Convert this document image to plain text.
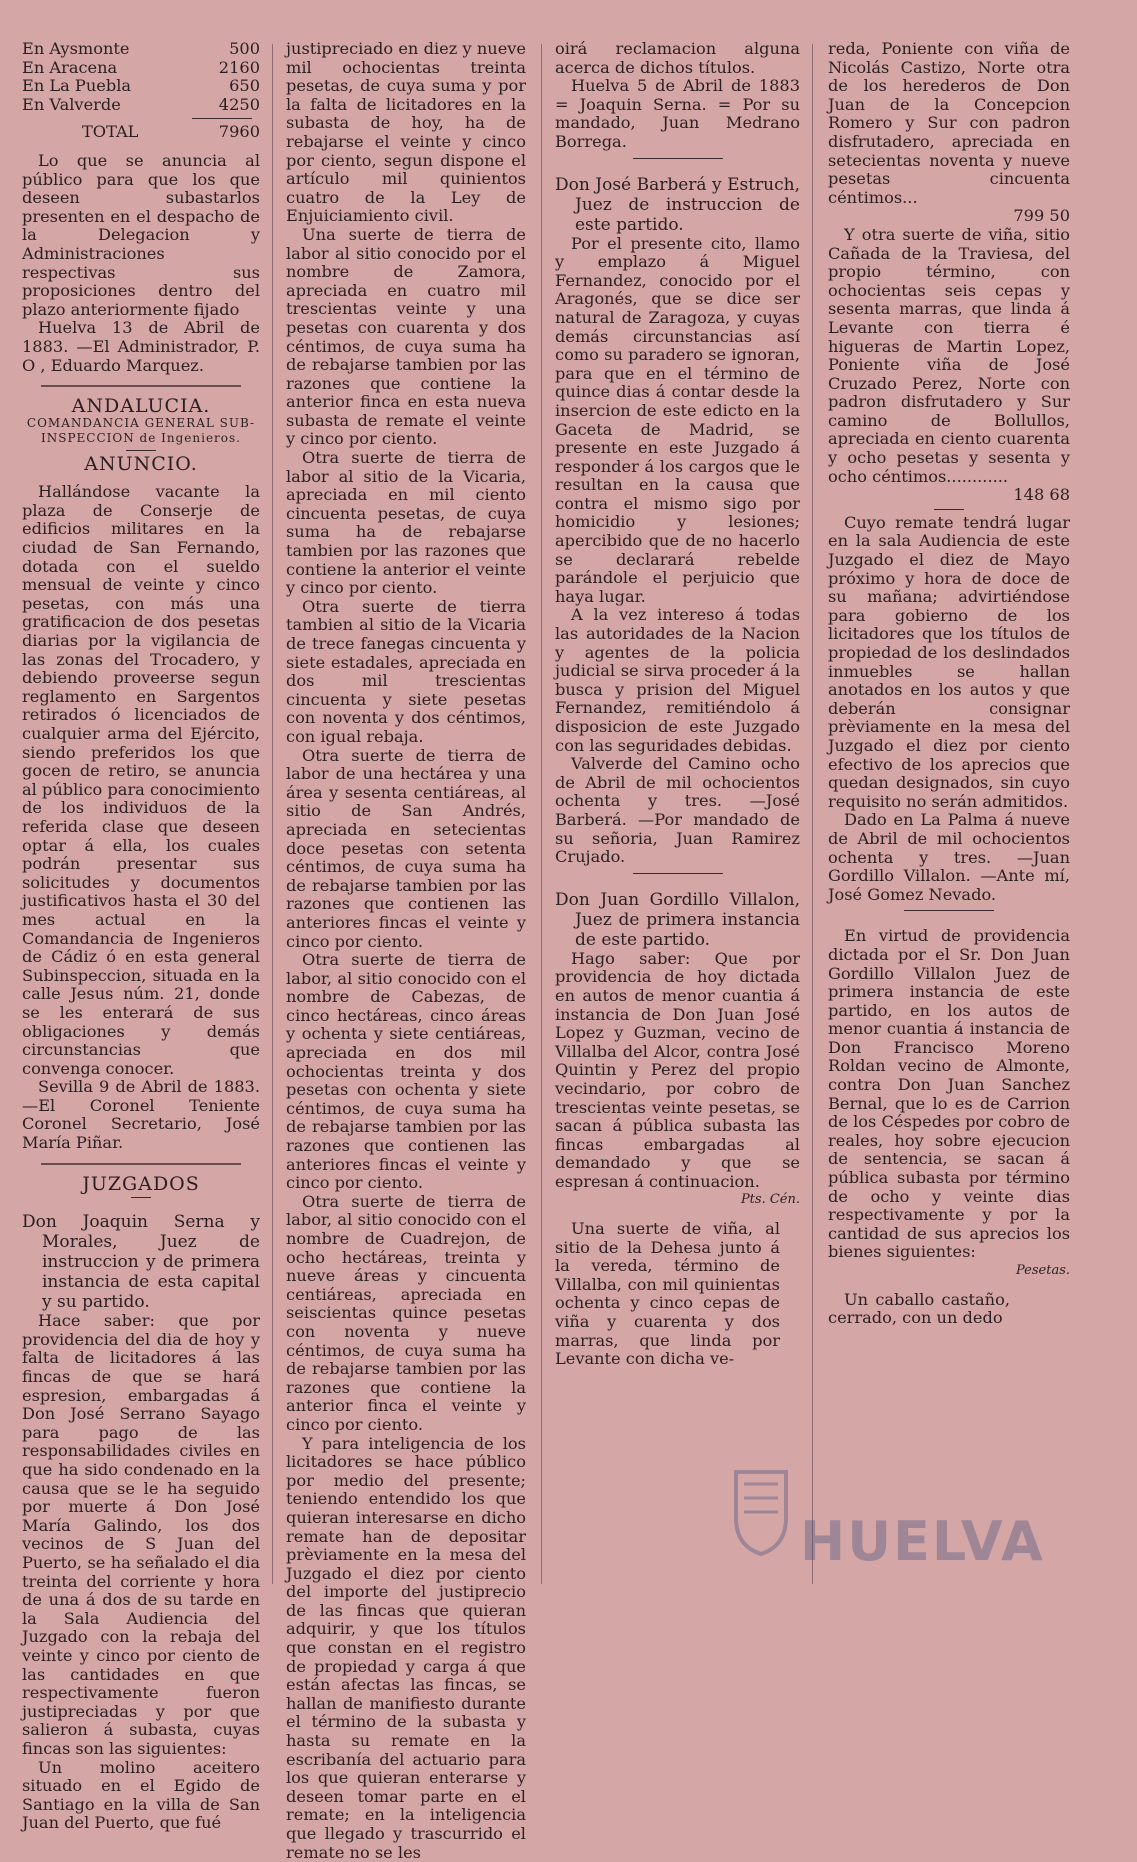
En Aysmonte	500
En Aracena	2160
En La Puebla	650
En Valverde	4250
TOTAL	7960

Lo que se anuncia al público para que los que deseen subastarlos presenten en el despacho de la Delegacion y Administraciones respectivas sus proposiciones dentro del plazo anteriormente fijado

Huelva 13 de Abril de 1883. —El Administrador, P. O , Eduardo Marquez.

ANDALUCIA.

COMANDANCIA GENERAL SUB-INSPECCION de Ingenieros.

ANUNCIO.

Hallándose vacante la plaza de Conserje de edificios militares en la ciudad de San Fernando, dotada con el sueldo mensual de veinte y cinco pesetas, con más una gratificacion de dos pesetas diarias por la vigilancia de las zonas del Trocadero, y debiendo proveerse segun reglamento en Sargentos retirados ó licenciados de cualquier arma del Ejército, siendo preferidos los que gocen de retiro, se anuncia al público para conocimiento de los individuos de la referida clase que deseen optar á ella, los cuales podrán presentar sus solicitudes y documentos justificativos hasta el 30 del mes actual en la Comandancia de Ingenieros de Cádiz ó en esta general Subinspeccion, situada en la calle Jesus núm. 21, donde se les enterará de sus obligaciones y demás circunstancias que convenga conocer.

Sevilla 9 de Abril de 1883. —El Coronel Teniente Coronel Secretario, José María Piñar.

JUZGADOS

Don Joaquin Serna y Morales, Juez de instruccion y de primera instancia de esta capital y su partido.

Hace saber: que por providencia del dia de hoy y falta de licitadores á las fincas de que se hará espresion, embargadas á Don José Serrano Sayago para pago de las responsabilidades civiles en que ha sido condenado en la causa que se le ha seguido por muerte á Don José María Galindo, los dos vecinos de S Juan del Puerto, se ha señalado el dia treinta del corriente y hora de una á dos de su tarde en la Sala Audiencia del Juzgado con la rebaja del veinte y cinco por ciento de las cantidades en que respectivamente fueron justipreciadas y por que salieron á subasta, cuyas fincas son las siguientes:

Un molino aceitero situado en el Egido de Santiago en la villa de San Juan del Puerto, que fué

justipreciado en diez y nueve mil ochocientas treinta pesetas, de cuya suma y por la falta de licitadores en la subasta de hoy, ha de rebajarse el veinte y cinco por ciento, segun dispone el artículo mil quinientos cuatro de la Ley de Enjuiciamiento civil.

Una suerte de tierra de labor al sitio conocido por el nombre de Zamora, apreciada en cuatro mil trescientas veinte y una pesetas con cuarenta y dos céntimos, de cuya suma ha de rebajarse tambien por las razones que contiene la anterior finca en esta nueva subasta de remate el veinte y cinco por ciento.

Otra suerte de tierra de labor al sitio de la Vicaria, apreciada en mil ciento cincuenta pesetas, de cuya suma ha de rebajarse tambien por las razones que contiene la anterior el veinte y cinco por ciento.

Otra suerte de tierra tambien al sitio de la Vicaria de trece fanegas cincuenta y siete estadales, apreciada en dos mil trescientas cincuenta y siete pesetas con noventa y dos céntimos, con igual rebaja.

Otra suerte de tierra de labor de una hectárea y una área y sesenta centiáreas, al sitio de San Andrés, apreciada en setecientas doce pesetas con setenta céntimos, de cuya suma ha de rebajarse tambien por las razones que contienen las anteriores fincas el veinte y cinco por ciento.

Otra suerte de tierra de labor, al sitio conocido con el nombre de Cabezas, de cinco hectáreas, cinco áreas y ochenta y siete centiáreas, apreciada en dos mil ochocientas treinta y dos pesetas con ochenta y siete céntimos, de cuya suma ha de rebajarse tambien por las razones que contienen las anteriores fincas el veinte y cinco por ciento.

Otra suerte de tierra de labor, al sitio conocido con el nombre de Cuadrejon, de ocho hectáreas, treinta y nueve áreas y cincuenta centiáreas, apreciada en seiscientas quince pesetas con noventa y nueve céntimos, de cuya suma ha de rebajarse tambien por las razones que contiene la anterior finca el veinte y cinco por ciento.

Y para inteligencia de los licitadores se hace público por medio del presente; teniendo entendido los que quieran interesarse en dicho remate han de depositar prèviamente en la mesa del Juzgado el diez por ciento del importe del justiprecio de las fincas que quieran adquirir, y que los títulos que constan en el registro de propiedad y carga á que están afectas las fincas, se hallan de manifiesto durante el término de la subasta y hasta su remate en la escribanía del actuario para los que quieran enterarse y deseen tomar parte en el remate; en la inteligencia que llegado y trascurrido el remate no se les

oirá reclamacion alguna acerca de dichos títulos.

Huelva 5 de Abril de 1883 = Joaquin Serna. = Por su mandado, Juan Medrano Borrega.

Don José Barberá y Estruch, Juez de instruccion de este partido.

Por el presente cito, llamo y emplazo á Miguel Fernandez, conocido por el Aragonés, que se dice ser natural de Zaragoza, y cuyas demás circunstancias así como su paradero se ignoran, para que en el término de quince dias á contar desde la insercion de este edicto en la Gaceta de Madrid, se presente en este Juzgado á responder á los cargos que le resultan en la causa que contra el mismo sigo por homicidio y lesiones; apercibido que de no hacerlo se declarará rebelde parándole el perjuicio que haya lugar.

A la vez intereso á todas las autoridades de la Nacion y agentes de la policia judicial se sirva proceder á la busca y prision del Miguel Fernandez, remitiéndolo á disposicion de este Juzgado con las seguridades debidas.

Valverde del Camino ocho de Abril de mil ochocientos ochenta y tres. —José Barberá. —Por mandado de su señoria, Juan Ramirez Crujado.

Don Juan Gordillo Villalon, Juez de primera instancia de este partido.

Hago saber: Que por providencia de hoy dictada en autos de menor cuantia á instancia de Don Juan José Lopez y Guzman, vecino de Villalba del Alcor, contra José Quintin y Perez del propio vecindario, por cobro de trescientas veinte pesetas, se sacan á pública subasta las fincas embargadas al demandado y que se espresan á continuacion.

Pts. Cén.

Una suerte de viña, al sitio de la Dehesa junto á la vereda, término de Villalba, con mil quinientas ochenta y cinco cepas de viña y cuarenta y dos marras, que linda por Levante con dicha ve-

reda, Poniente con viña de Nicolás Castizo, Norte otra de los herederos de Don Juan de la Concepcion Romero y Sur con padron disfrutadero, apreciada en setecientas noventa y nueve pesetas cincuenta céntimos...

799 50

Y otra suerte de viña, sitio Cañada de la Traviesa, del propio término, con ochocientas seis cepas y sesenta marras, que linda á Levante con tierra é higueras de Martin Lopez, Poniente viña de José Cruzado Perez, Norte con padron disfrutadero y Sur camino de Bollullos, apreciada en ciento cuarenta y ocho pesetas y sesenta y ocho céntimos............

148 68

Cuyo remate tendrá lugar en la sala Audiencia de este Juzgado el diez de Mayo próximo y hora de doce de su mañana; advirtiéndose para gobierno de los licitadores que los títulos de propiedad de los deslindados inmuebles se hallan anotados en los autos y que deberán consignar prèviamente en la mesa del Juzgado el diez por ciento efectivo de los aprecios que quedan designados, sin cuyo requisito no serán admitidos.

Dado en La Palma á nueve de Abril de mil ochocientos ochenta y tres. —Juan Gordillo Villalon. —Ante mí, José Gomez Nevado.

En virtud de providencia dictada por el Sr. Don Juan Gordillo Villalon Juez de primera instancia de este partido, en los autos de menor cuantia á instancia de Don Francisco Moreno Roldan vecino de Almonte, contra Don Juan Sanchez Bernal, que lo es de Carrion de los Céspedes por cobro de reales, hoy sobre ejecucion de sentencia, se sacan á pública subasta por término de ocho y veinte dias respectivamente y por la cantidad de sus aprecios los bienes siguientes:

Pesetas.

Un caballo castaño, cerrado, con un dedo

HUELVA
